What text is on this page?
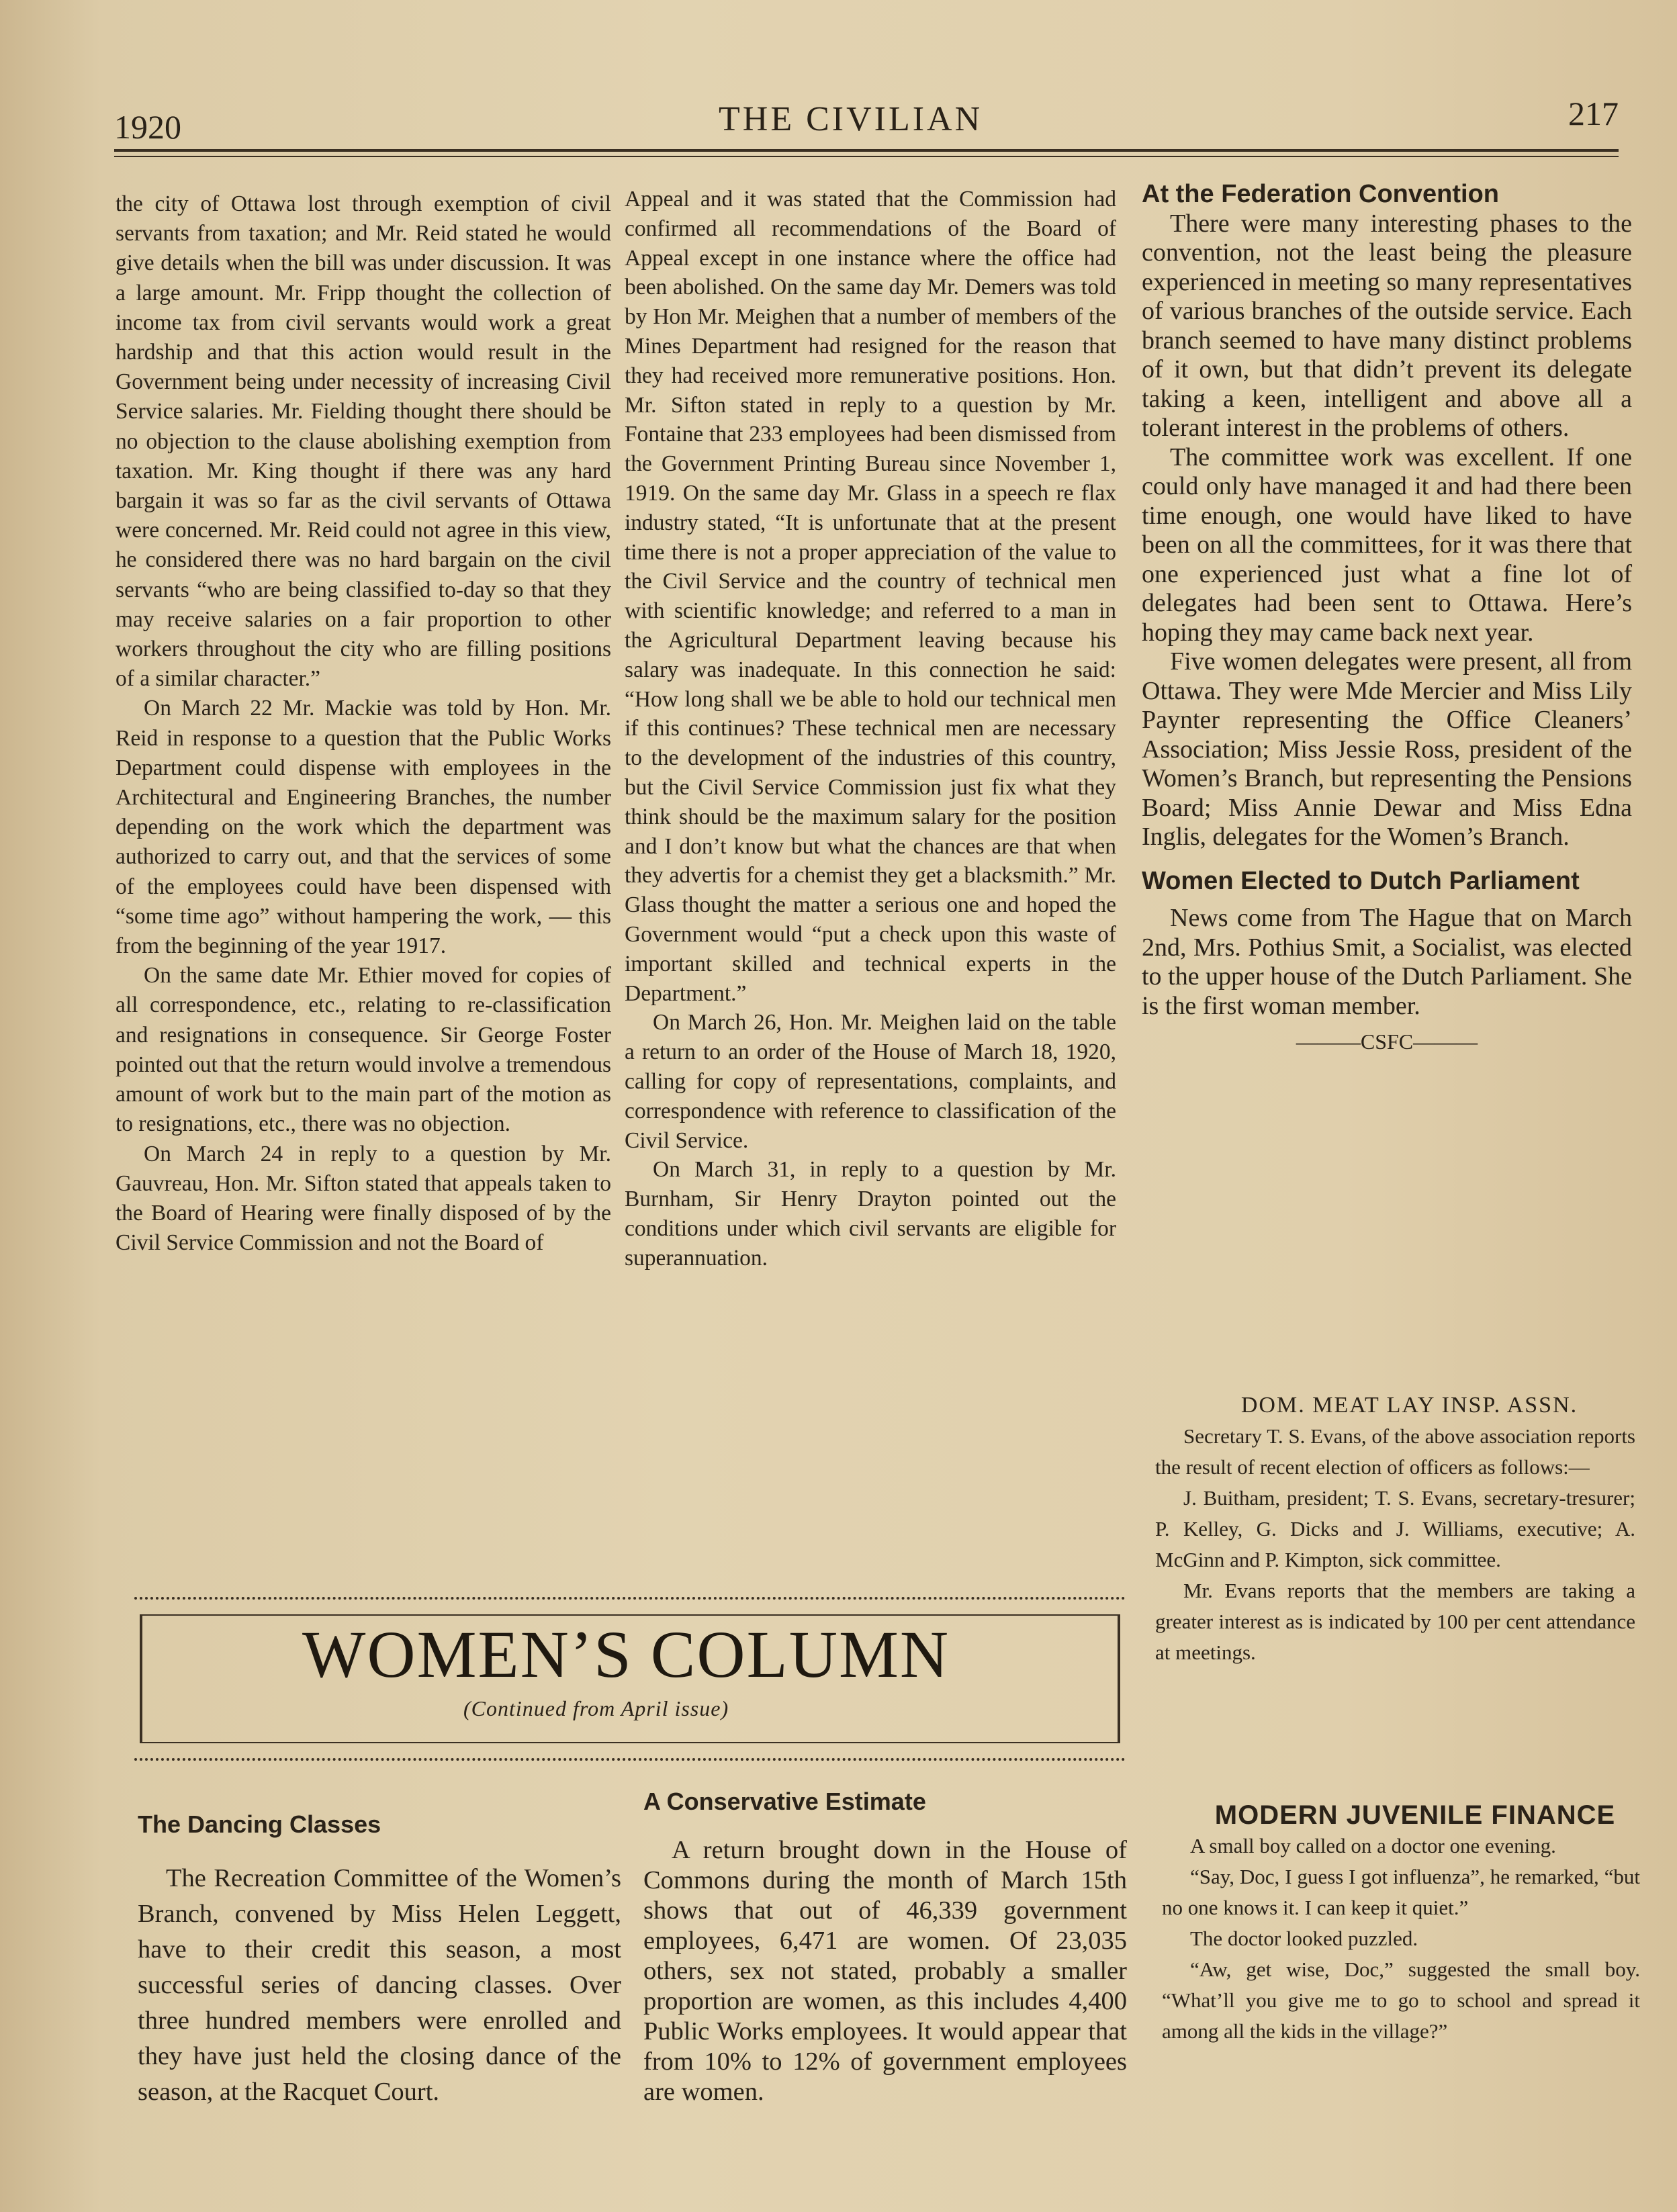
1920	THE CIVILIAN	217

the city of Ottawa lost through exemption of civil servants from taxation; and Mr. Reid stated he would give details when the bill was under discussion. It was a large amount. Mr. Fripp thought the collection of income tax from civil servants would work a great hardship and that this action would result in the Government being under necessity of increasing Civil Service salaries. Mr. Fielding thought there should be no objection to the clause abolishing exemption from taxation. Mr. King thought if there was any hard bargain it was so far as the civil servants of Ottawa were concerned. Mr. Reid could not agree in this view, he considered there was no hard bargain on the civil servants “who are being classified to-day so that they may receive salaries on a fair proportion to other workers throughout the city who are filling positions of a similar character.”

On March 22 Mr. Mackie was told by Hon. Mr. Reid in response to a question that the Public Works Department could dispense with employees in the Architectural and Engineering Branches, the number depending on the work which the department was authorized to carry out, and that the services of some of the employees could have been dispensed with “some time ago” without hampering the work, — this from the beginning of the year 1917.

On the same date Mr. Ethier moved for copies of all correspondence, etc., relating to re-classification and resignations in consequence. Sir George Foster pointed out that the return would involve a tremendous amount of work but to the main part of the motion as to resignations, etc., there was no objection.

On March 24 in reply to a question by Mr. Gauvreau, Hon. Mr. Sifton stated that appeals taken to the Board of Hearing were finally disposed of by the Civil Service Commission and not the Board of

Appeal and it was stated that the Commission had confirmed all recommendations of the Board of Appeal except in one instance where the office had been abolished. On the same day Mr. Demers was told by Hon Mr. Meighen that a number of members of the Mines Department had resigned for the reason that they had received more remunerative positions. Hon. Mr. Sifton stated in reply to a question by Mr. Fontaine that 233 employees had been dismissed from the Government Printing Bureau since November 1, 1919. On the same day Mr. Glass in a speech re flax industry stated, “It is unfortunate that at the present time there is not a proper appreciation of the value to the Civil Service and the country of technical men with scientific knowledge; and referred to a man in the Agricultural Department leaving because his salary was inadequate. In this connection he said: “How long shall we be able to hold our technical men if this continues? These technical men are necessary to the development of the industries of this country, but the Civil Service Commission just fix what they think should be the maximum salary for the position and I don’t know but what the chances are that when they advertis for a chemist they get a blacksmith.” Mr. Glass thought the matter a serious one and hoped the Government would “put a check upon this waste of important skilled and technical experts in the Department.”

On March 26, Hon. Mr. Meighen laid on the table a return to an order of the House of March 18, 1920, calling for copy of representations, complaints, and correspondence with reference to classification of the Civil Service.

On March 31, in reply to a question by Mr. Burnham, Sir Henry Drayton pointed out the conditions under which civil servants are eligible for superannuation.

At the Federation Convention

There were many interesting phases to the convention, not the least being the pleasure experienced in meeting so many representatives of various branches of the outside service. Each branch seemed to have many distinct problems of it own, but that didn’t prevent its delegate taking a keen, intelligent and above all a tolerant interest in the problems of others.

The committee work was excellent. If one could only have managed it and had there been time enough, one would have liked to have been on all the committees, for it was there that one experienced just what a fine lot of delegates had been sent to Ottawa. Here’s hoping they may came back next year.

Five women delegates were present, all from Ottawa. They were Mde Mercier and Miss Lily Paynter representing the Office Cleaners’ Association; Miss Jessie Ross, president of the Women’s Branch, but representing the Pensions Board; Miss Annie Dewar and Miss Edna Inglis, delegates for the Women’s Branch.

Women Elected to Dutch Parliament

News come from The Hague that on March 2nd, Mrs. Pothius Smit, a Socialist, was elected to the upper house of the Dutch Parliament. She is the first woman member.

———CSFC———

DOM. MEAT LAY INSP. ASSN.

Secretary T. S. Evans, of the above association reports the result of recent election of officers as follows:—

J. Buitham, president; T. S. Evans, secretary-tresurer; P. Kelley, G. Dicks and J. Williams, executive; A. McGinn and P. Kimpton, sick committee.

Mr. Evans reports that the members are taking a greater interest as is indicated by 100 per cent attendance at meetings.

MODERN JUVENILE FINANCE

A small boy called on a doctor one evening.

“Say, Doc, I guess I got influenza”, he remarked, “but no one knows it. I can keep it quiet.”

The doctor looked puzzled.

“Aw, get wise, Doc,” suggested the small boy. “What’ll you give me to go to school and spread it among all the kids in the village?”

WOMEN’S COLUMN
(Continued from April issue)

The Dancing Classes

The Recreation Committee of the Women’s Branch, convened by Miss Helen Leggett, have to their credit this season, a most successful series of dancing classes. Over three hundred members were enrolled and they have just held the closing dance of the season, at the Racquet Court.

A Conservative Estimate

A return brought down in the House of Commons during the month of March 15th shows that out of 46,339 government employees, 6,471 are women. Of 23,035 others, sex not stated, probably a smaller proportion are women, as this includes 4,400 Public Works employees. It would appear that from 10% to 12% of government employees are women.
